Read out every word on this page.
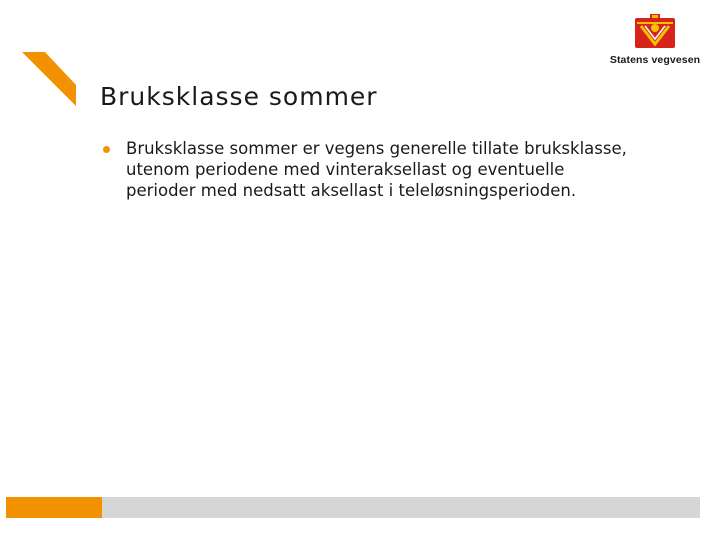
Statens vegvesen
Bruksklasse sommer
Bruksklasse sommer er vegens generelle tillate bruksklasse,
utenom periodene med vinteraksellast og eventuelle
perioder med nedsatt aksellast i teleløsningsperioden.
